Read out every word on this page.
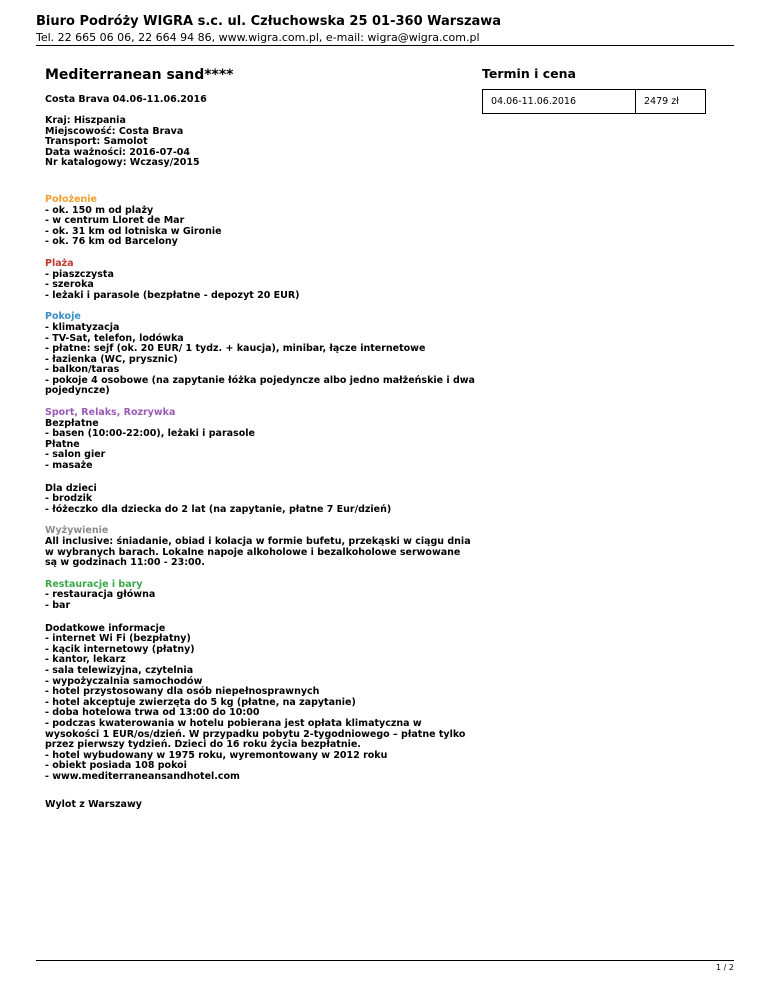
Biuro Podróży WIGRA s.c. ul. Człuchowska 25 01-360 Warszawa
Tel. 22 665 06 06, 22 664 94 86, www.wigra.com.pl, e-mail: wigra@wigra.com.pl
Mediterranean sand****
Costa Brava 04.06-11.06.2016
Kraj: Hiszpania
Miejscowość: Costa Brava
Transport: Samolot
Data ważności: 2016-07-04
Nr katalogowy: Wczasy/2015
Położenie
- ok. 150 m od plaży
- w centrum Lloret de Mar
- ok. 31 km od lotniska w Gironie
- ok. 76 km od Barcelony
Plaża
- piaszczysta
- szeroka
- leżaki i parasole (bezpłatne - depozyt 20 EUR)
Pokoje
- klimatyzacja
- TV-Sat, telefon, lodówka
- płatne: sejf (ok. 20 EUR/ 1 tydz. + kaucja), minibar, łącze internetowe
- łazienka (WC, prysznic)
- balkon/taras
- pokoje 4 osobowe (na zapytanie łóżka pojedyncze albo jedno małżeńskie i dwa pojedyncze)
Sport, Relaks, Rozrywka
Bezpłatne
- basen (10:00-22:00), leżaki i parasole
Płatne
- salon gier
- masaże
Dla dzieci
- brodzik
- łóżeczko dla dziecka do 2 lat (na zapytanie, płatne 7 Eur/dzień)
Wyżywienie
All inclusive: śniadanie, obiad i kolacja w formie bufetu, przekąski w ciągu dnia w wybranych barach. Lokalne napoje alkoholowe i bezalkoholowe serwowane są w godzinach 11:00 - 23:00.
Restauracje i bary
- restauracja główna
- bar
Dodatkowe informacje
- internet Wi Fi (bezpłatny)
- kącik internetowy (płatny)
- kantor, lekarz
- sala telewizyjna, czytelnia
- wypożyczalnia samochodów
- hotel przystosowany dla osób niepełnosprawnych
- hotel akceptuje zwierzęta do 5 kg (płatne, na zapytanie)
- doba hotelowa trwa od 13:00 do 10:00
- podczas kwaterowania w hotelu pobierana jest opłata klimatyczna w wysokości 1 EUR/os/dzień. W przypadku pobytu 2-tygodniowego – płatne tylko przez pierwszy tydzień. Dzieci do 16 roku życia bezpłatnie.
- hotel wybudowany w 1975 roku, wyremontowany w 2012 roku
- obiekt posiada 108 pokoi
- www.mediterraneansandhotel.com
Wylot z Warszawy
Termin i cena
04.06-11.06.2016	2479 zł
1 / 2
